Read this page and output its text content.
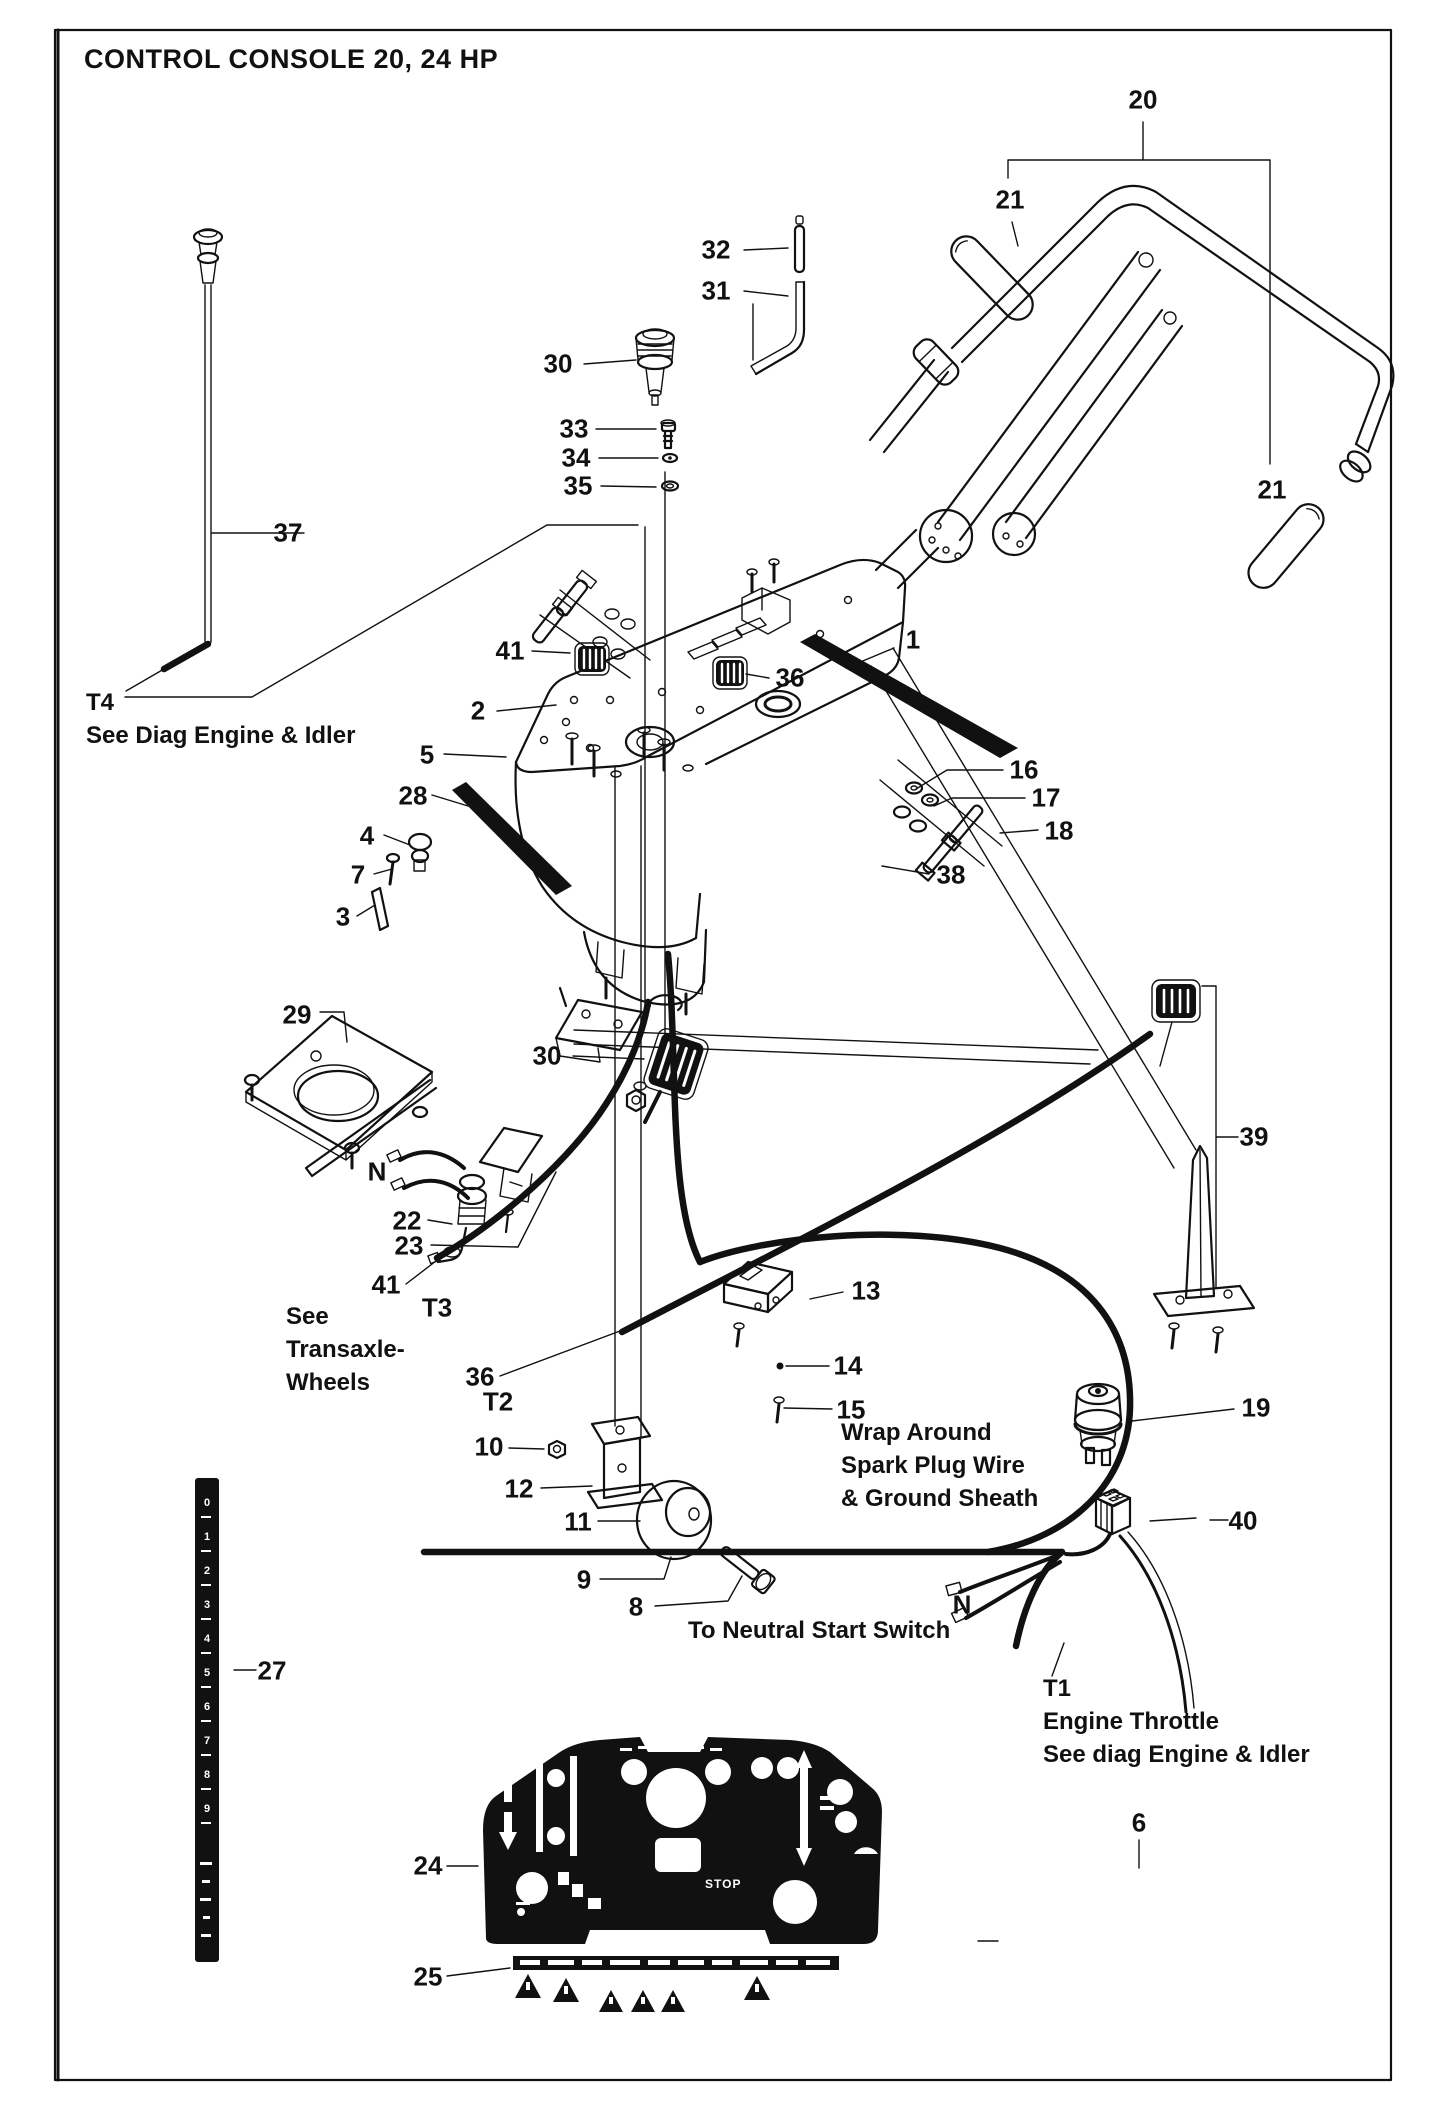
0
1
2
3
4
5
6
7
8
9
STOP
CONTROL CONSOLE 20, 24 HP
20
21
21
32
31
30
33
34
35
37
41
2
36
1
5
28
4
7
3
16
17
18
38
29
30
N
22
23
41
T3
39
13
14
15
36
T2
10
12
11
9
8
19
40
N
27
24
25
6
T4
See Diag Engine & Idler
See
Transaxle-
Wheels
Wrap Around
Spark Plug Wire
& Ground Sheath
To Neutral Start Switch
T1
Engine Throttle
See diag Engine & Idler
